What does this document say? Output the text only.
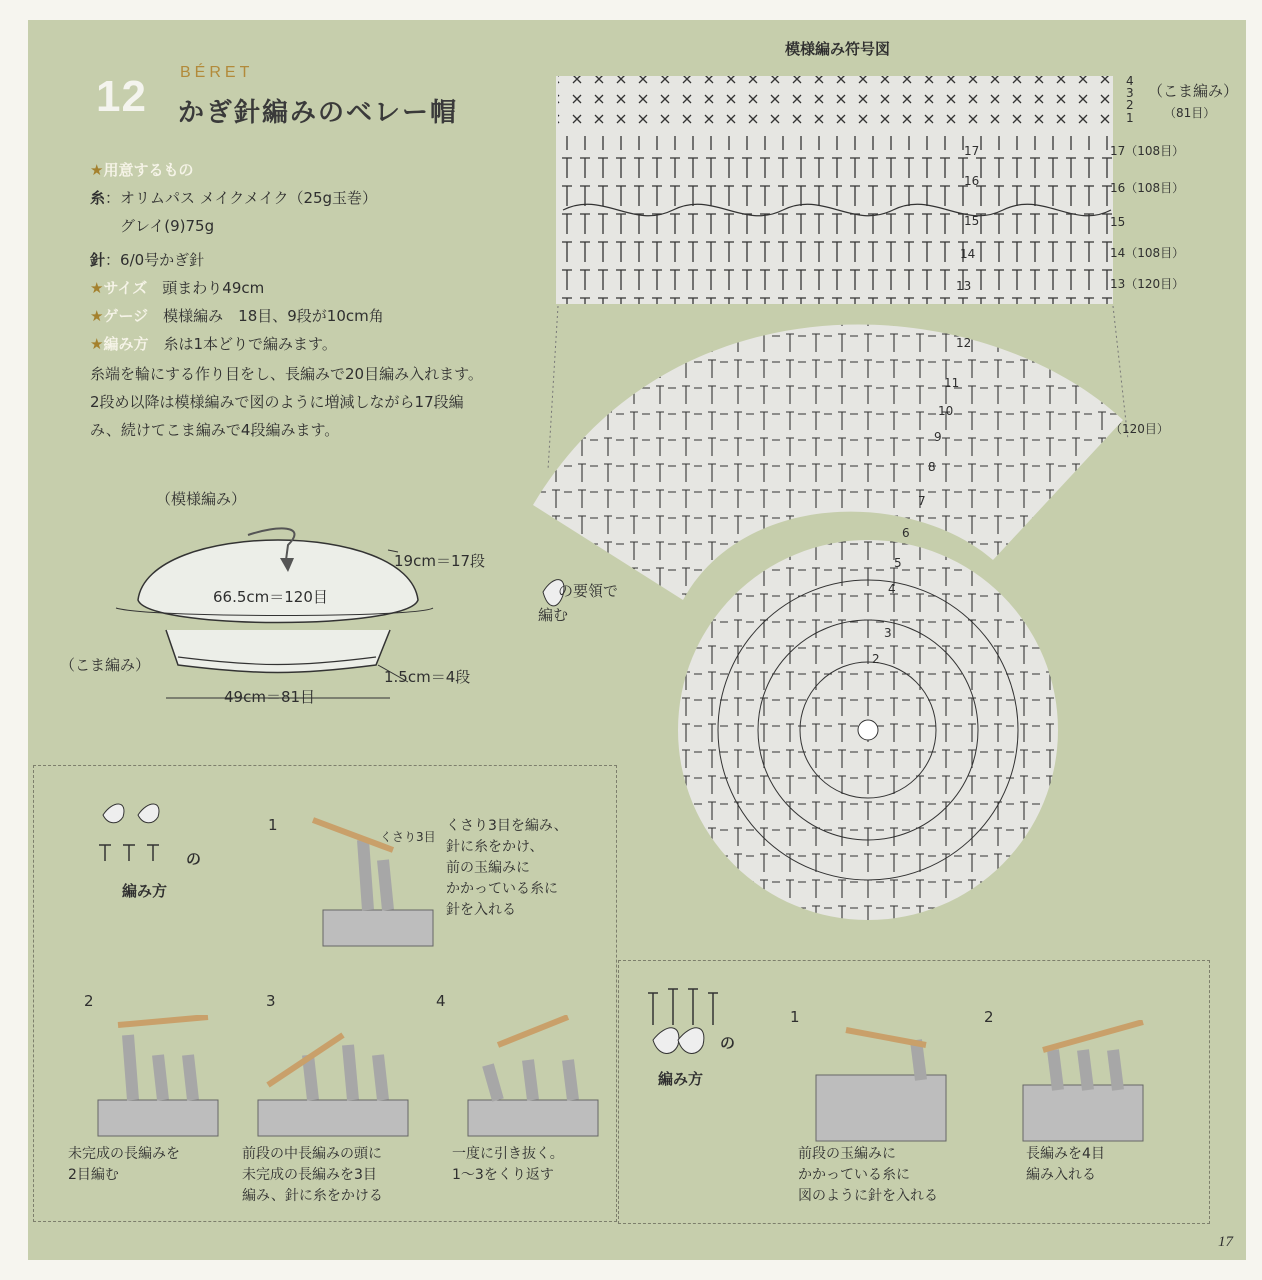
12 BÉRET
かぎ針編みのベレー帽
★用意するもの
糸：オリムパス メイクメイク（25g玉巻）
グレイ(9)75g
針：6/0号かぎ針
★サイズ　 頭まわり49cm
★ゲージ　 模様編み　18目、9段が10cm角
★編み方　 糸は1本どりで編みます。
糸端を輪にする作り目をし、長編みで20目編み入れます。
2段め以降は模様編みで図のように増減しながら17段編
み、続けてこま編みで4段編みます。
（模様編み）
66.5cm＝120目
19cm＝17段
（こま編み）
1.5cm＝4段
49cm＝81目
模様編み符号図
（こま編み）
（81目）
17（108目）
16（108目）
15
14（108目）
13（120目）
4
3
2
1
17
16
15
14
13
12
11
10
9
8
7
6
5
4
3
2
（120目）
の要領で
編む
の
編み方
1
くさり3目
くさり3目を編み、
針に糸をかけ、
前の玉編みに
かかっている糸に
針を入れる
2
未完成の長編みを
2目編む
3
前段の中長編みの頭に
未完成の長編みを3目
編み、針に糸をかける
4
一度に引き抜く。
1〜3をくり返す
の
編み方
1
前段の玉編みに
かかっている糸に
図のように針を入れる
2
長編みを4目
編み入れる
17
